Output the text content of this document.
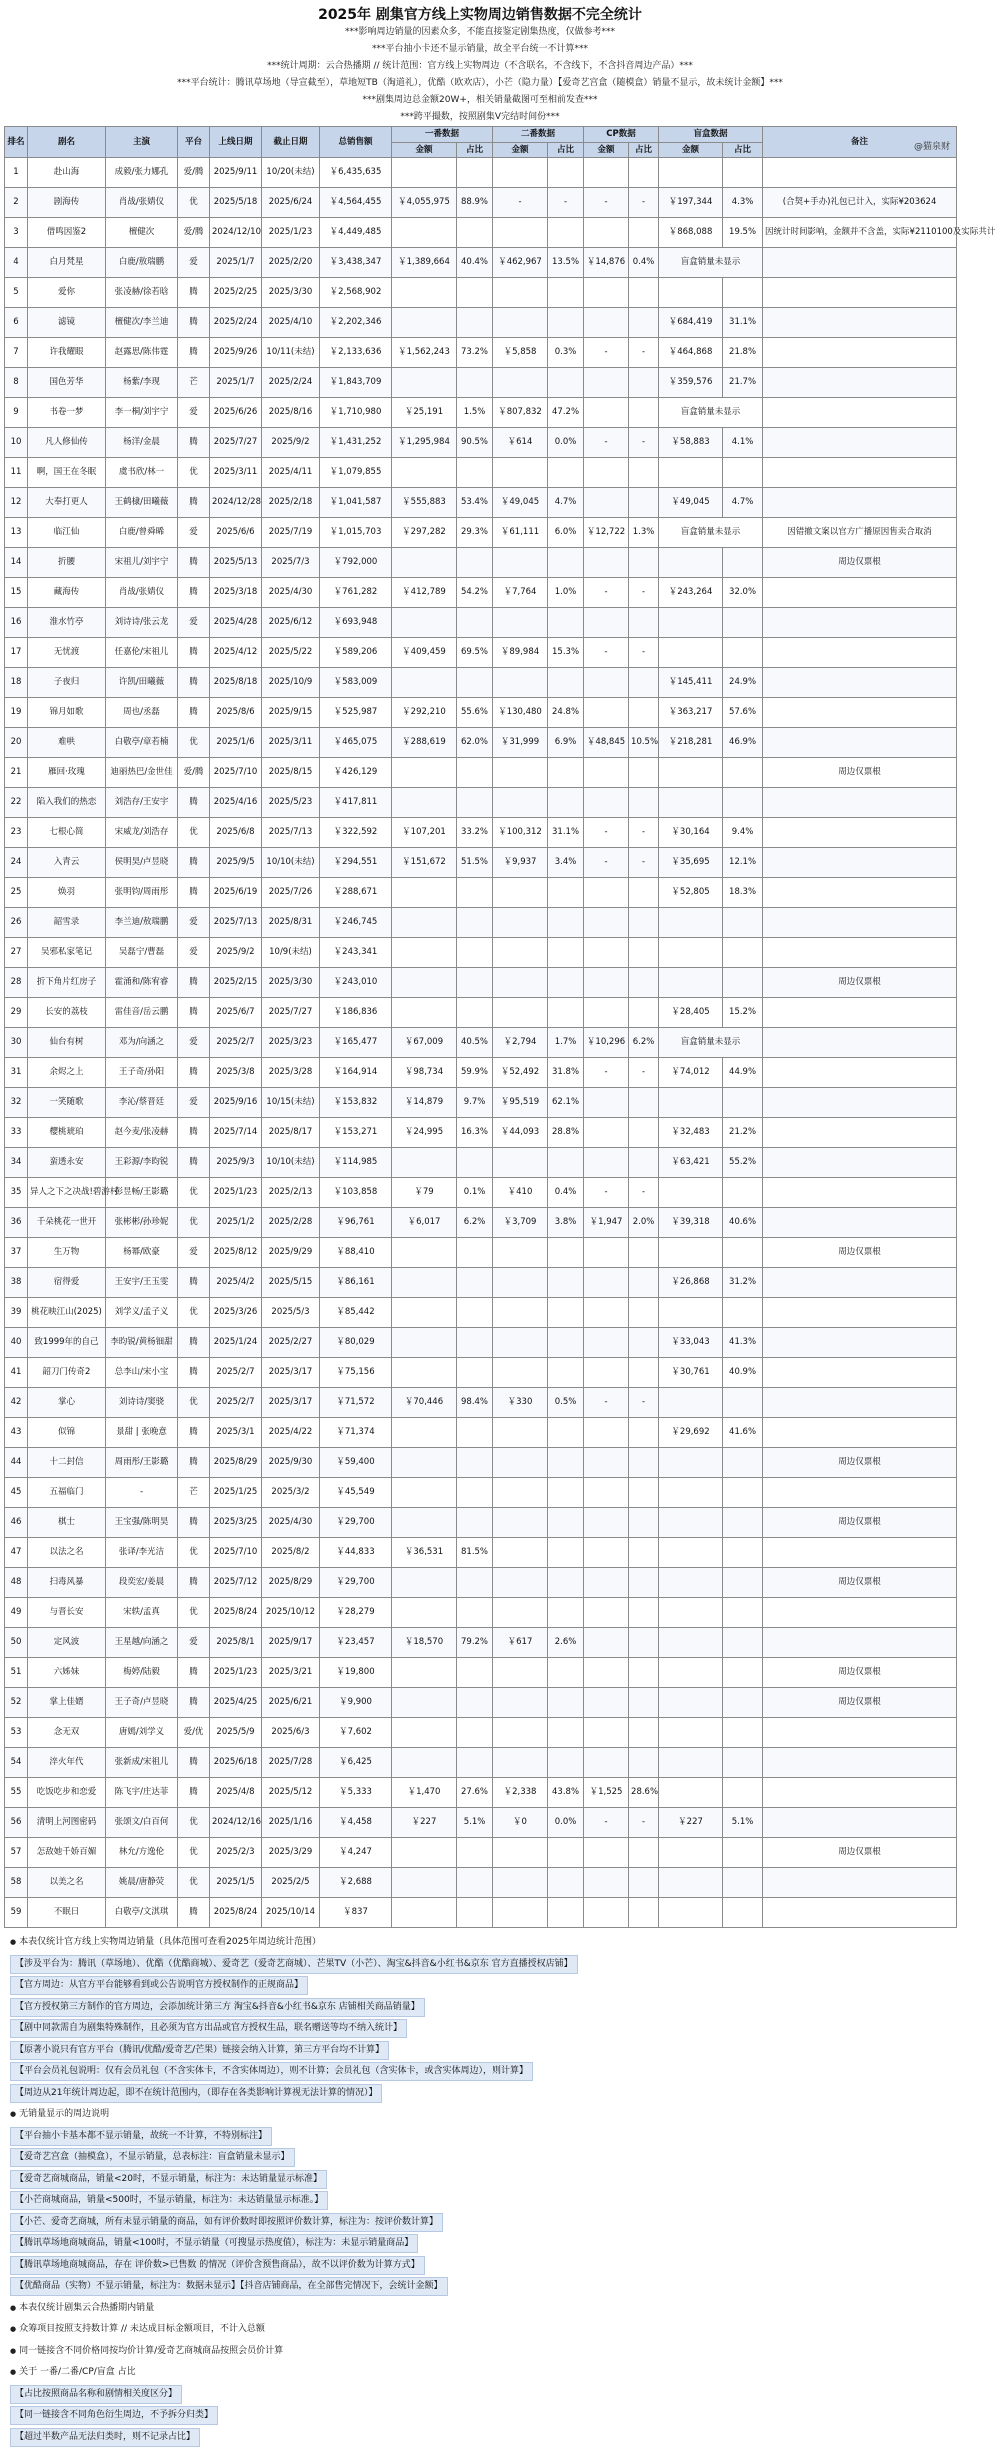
2025年 剧集官方线上实物周边销售数据不完全统计
***影响周边销量的因素众多，不能直接鉴定剧集热度，仅做参考***
***平台抽小卡还不显示销量，故全平台统一不计算***
***统计周期：云合热播期 // 统计范围：官方线上实物周边（不含联名，不含线下，不含抖音周边产品）***
***平台统计：腾讯草场地（导宣截至），草地短TB（淘道礼），优酷（欧欢店），小芒（隐力量）【爱奇艺宫盒（随模盒）销量不显示，故未统计金额】***
***剧集周边总金额20W+，相关销量截图可至相前发查***
***跨平撮数，按照剧集V完结时间份***
@猫泉财
排名	剧名	主演	平台	上线日期	截止日期	总销售额	一番数据		二番数据		CP数据		盲盒数据		备注	
							金额	占比	金额	占比	金额	占比	金额	占比		
1	赴山海	成毅/张力娜孔	爱/腾	2025/9/11	10/20(未结)	￥6,435,635										
2	剧海传	肖战/张婧仪	优	2025/5/18	2025/6/24	￥4,564,455	￥4,055,975	88.9%	-	-	-	-	￥197,344	4.3%	(合契+手办)礼包已计入，实际¥203624	
3	借鸣因鉴2	檀健次	爱/腾	2024/12/10	2025/1/23	￥4,449,485							￥868,088	19.5%	因统计时间影响，金额并不含盖，实际¥2110100及实际共计	
4	白月梵星	白鹿/敖瑞鹏	爱	2025/1/7	2025/2/20	￥3,438,347	￥1,389,664	40.4%	￥462,967	13.5%	￥14,876	0.4%	盲盒销量未显示			
5	爱你	张凌赫/徐若晗	腾	2025/2/25	2025/3/30	￥2,568,902										
6	滤镜	檀健次/李兰迪	腾	2025/2/24	2025/4/10	￥2,202,346							￥684,419	31.1%		
7	许我耀眼	赵露思/陈伟霆	腾	2025/9/26	10/11(未结)	￥2,133,636	￥1,562,243	73.2%	￥5,858	0.3%	-	-	￥464,868	21.8%		
8	国色芳华	杨紫/李现	芒	2025/1/7	2025/2/24	￥1,843,709							￥359,576	21.7%		
9	书卷一梦	李一桐/刘宇宁	爱	2025/6/26	2025/8/16	￥1,710,980	￥25,191	1.5%	￥807,832	47.2%			盲盒销量未显示			
10	凡人修仙传	杨洋/金晨	腾	2025/7/27	2025/9/2	￥1,431,252	￥1,295,984	90.5%	￥614	0.0%	-	-	￥58,883	4.1%		
11	啊，国王在冬眠	虞书欣/林一	优	2025/3/11	2025/4/11	￥1,079,855										
12	大奉打更人	王鹤棣/田曦薇	腾	2024/12/28	2025/2/18	￥1,041,587	￥555,883	53.4%	￥49,045	4.7%			￥49,045	4.7%		
13	临江仙	白鹿/曾舜晞	爱	2025/6/6	2025/7/19	￥1,015,703	￥297,282	29.3%	￥61,111	6.0%	￥12,722	1.3%	盲盒销量未显示		因错撤文案以官方广播原因售卖合取消	
14	折腰	宋祖儿/刘宇宁	腾	2025/5/13	2025/7/3	￥792,000									周边仅票根	
15	藏海传	肖战/张婧仪	腾	2025/3/18	2025/4/30	￥761,282	￥412,789	54.2%	￥7,764	1.0%	-	-	￥243,264	32.0%		
16	淮水竹亭	刘诗诗/张云龙	爱	2025/4/28	2025/6/12	￥693,948										
17	无忧渡	任嘉伦/宋祖儿	腾	2025/4/12	2025/5/22	￥589,206	￥409,459	69.5%	￥89,984	15.3%	-	-				
18	子夜归	许凯/田曦薇	腾	2025/8/18	2025/10/9	￥583,009							￥145,411	24.9%		
19	锦月如歌	周也/丞磊	腾	2025/8/6	2025/9/15	￥525,987	￥292,210	55.6%	￥130,480	24.8%			￥363,217	57.6%		
20	难哄	白敬亭/章若楠	优	2025/1/6	2025/3/11	￥465,075	￥288,619	62.0%	￥31,999	6.9%	￥48,845	10.5%	￥218,281	46.9%		
21	雁回·玫瑰	迪丽热巴/金世佳	爱/腾	2025/7/10	2025/8/15	￥426,129									周边仅票根	
22	陷入我们的热恋	刘浩存/王安宇	腾	2025/4/16	2025/5/23	￥417,811										
23	七根心简	宋威龙/刘浩存	优	2025/6/8	2025/7/13	￥322,592	￥107,201	33.2%	￥100,312	31.1%	-	-	￥30,164	9.4%		
24	入青云	侯明昊/卢昱晓	腾	2025/9/5	10/10(未结)	￥294,551	￥151,672	51.5%	￥9,937	3.4%	-	-	￥35,695	12.1%		
25	焕羽	张明钧/周雨彤	腾	2025/6/19	2025/7/26	￥288,671							￥52,805	18.3%		
26	韶雪录	李兰迪/敖瑞鹏	爱	2025/7/13	2025/8/31	￥246,745										
27	吴邪私家笔记	吴磊宁/曹磊	爱	2025/9/2	10/9(未结)	￥243,341										
28	折下角片红房子	霍涌和/陈宥睿	腾	2025/2/15	2025/3/30	￥243,010									周边仅票根	
29	长安的荔枝	雷佳音/岳云鹏	腾	2025/6/7	2025/7/27	￥186,836							￥28,405	15.2%		
30	仙台有树	邓为/向涵之	爱	2025/2/7	2025/3/23	￥165,477	￥67,009	40.5%	￥2,794	1.7%	￥10,296	6.2%	盲盒销量未显示			
31	余烬之上	王子奇/孙阳	腾	2025/3/8	2025/3/28	￥164,914	￥98,734	59.9%	￥52,492	31.8%	-	-	￥74,012	44.9%		
32	一笑随歌	李沁/蔡晋廷	爱	2025/9/16	10/15(未结)	￥153,832	￥14,879	9.7%	￥95,519	62.1%						
33	樱桃琥珀	赵今麦/张凌赫	腾	2025/7/14	2025/8/17	￥153,271	￥24,995	16.3%	￥44,093	28.8%			￥32,483	21.2%		
34	蛮透永安	王彩源/李昀锐	腾	2025/9/3	10/10(未结)	￥114,985							￥63,421	55.2%		
35	异人之下之决战!碧游村	彭昱畅/王影璐	优	2025/1/23	2025/2/13	￥103,858	￥79	0.1%	￥410	0.4%	-	-				
36	千朵桃花一世开	张彬彬/孙珍妮	优	2025/1/2	2025/2/28	￥96,761	￥6,017	6.2%	￥3,709	3.8%	￥1,947	2.0%	￥39,318	40.6%		
37	生万物	杨幂/欧豪	爱	2025/8/12	2025/9/29	￥88,410									周边仅票根	
38	宿得爱	王安宇/王玉雯	腾	2025/4/2	2025/5/15	￥86,161							￥26,868	31.2%		
39	桃花映江山(2025)	刘学义/孟子义	优	2025/3/26	2025/5/3	￥85,442										
40	致1999年的自己	李昀锐/黄杨钿甜	腾	2025/1/24	2025/2/27	￥80,029							￥33,043	41.3%		
41	韶刀门传奇2	总李山/宋小宝	腾	2025/2/7	2025/3/17	￥75,156							￥30,761	40.9%		
42	掌心	刘诗诗/窦骁	优	2025/2/7	2025/3/17	￥71,572	￥70,446	98.4%	￥330	0.5%	-	-				
43	似锦	景甜 | 张晚意	腾	2025/3/1	2025/4/22	￥71,374							￥29,692	41.6%		
44	十二封信	周雨彤/王影璐	腾	2025/8/29	2025/9/30	￥59,400									周边仅票根	
45	五福临门	-	芒	2025/1/25	2025/3/2	￥45,549										
46	棋士	王宝强/陈明昊	腾	2025/3/25	2025/4/30	￥29,700									周边仅票根	
47	以法之名	张译/李光洁	优	2025/7/10	2025/8/2	￥44,833	￥36,531	81.5%								
48	扫毒风暴	段奕宏/姜晨	腾	2025/7/12	2025/8/29	￥29,700									周边仅票根	
49	与晋长安	宋轶/孟真	优	2025/8/24	2025/10/12	￥28,279										
50	定风波	王星越/向涵之	爱	2025/8/1	2025/9/17	￥23,457	￥18,570	79.2%	￥617	2.6%						
51	六姊妹	梅婷/陆毅	腾	2025/1/23	2025/3/21	￥19,800									周边仅票根	
52	掌上佳婿	王子奇/卢昱晓	腾	2025/4/25	2025/6/21	￥9,900									周边仅票根	
53	念无双	唐嫣/刘学义	爱/优	2025/5/9	2025/6/3	￥7,602										
54	淬火年代	张新成/宋祖儿	腾	2025/6/18	2025/7/28	￥6,425										
55	吃饭吃步和恋爱	陈飞宇/庄达菲	腾	2025/4/8	2025/5/12	￥5,333	￥1,470	27.6%	￥2,338	43.8%	￥1,525	28.6%				
56	清明上河图密码	张颂文/白百何	优	2024/12/16	2025/1/16	￥4,458	￥227	5.1%	￥0	0.0%	-	-	￥227	5.1%		
57	怎敌她千娇百媚	林允/方逸伦	优	2025/2/3	2025/3/29	￥4,247									周边仅票根	
58	以美之名	姚晨/唐静荧	优	2025/1/5	2025/2/5	￥2,688										
59	不眠日	白敬亭/文淇琪	腾	2025/8/24	2025/10/14	￥837										
● 本表仅统计官方线上实物周边销量（具体范围可查看2025年周边统计范围）
【涉及平台为：腾讯（草场地）、优酷（优酷商城）、爱奇艺（爱奇艺商城）、芒果TV（小芒）、淘宝&抖音&小红书&京东 官方直播授权店铺】
【官方周边：从官方平台能够看到或公告说明官方授权制作的正规商品】
【官方授权第三方制作的官方周边，会添加统计第三方 淘宝&抖音&小红书&京东 店铺相关商品销量】
【剧中同款需自为剧集特殊制作，且必须为官方出品或官方授权生品，联名赠送等均不纳入统计】
【原著小说只有官方平台（腾讯/优酷/爱奇艺/芒果）链接会纳入计算，第三方平台均不计算】
【平台会员礼包说明：仅有会员礼包（不含实体卡，不含实体周边），则不计算；会员礼包（含实体卡，或含实体周边），则计算】
【周边从21年统计周边起，即不在统计范围内，（即存在各类影响计算视无法计算的情况）】
● 无销量显示的周边说明
【平台抽小卡基本都不显示销量，故统一不计算，不特别标注】
【爱奇艺宫盒（抽模盒），不显示销量，总表标注：盲盒销量未显示】
【爱奇艺商城商品，销量<20时，不显示销量，标注为：未达销量显示标准】
【小芒商城商品，销量<500时，不显示销量，标注为：未达销量显示标准。】
【小芒、爱奇艺商城，所有未显示销量的商品，如有评价数时即按照评价数计算，标注为：按评价数计算】
【腾讯草场地商城商品，销量<100时，不显示销量（可搜显示热度值），标注为：未显示销量商品】
【腾讯草场地商城商品，存在 评价数>已售数 的情况（评价含预售商品），故不以评价数为计算方式】
【优酷商品（实物）不显示销量，标注为：数据未显示】【抖音店铺商品，在全部售完情况下，会统计金额】
● 本表仅统计剧集云合热播期内销量
● 众筹项目按照支持数计算 // 未达成目标金额项目，不计入总额
● 同一链接含不同价格同按均价计算/爱奇艺商城商品按照会员价计算
● 关于 一番/二番/CP/盲盒 占比
【占比按照商品名称和剧情相关度区分】
【同一链接含不同角色衍生周边，不予拆分归类】
【超过半数产品无法归类时，则不记录占比】
